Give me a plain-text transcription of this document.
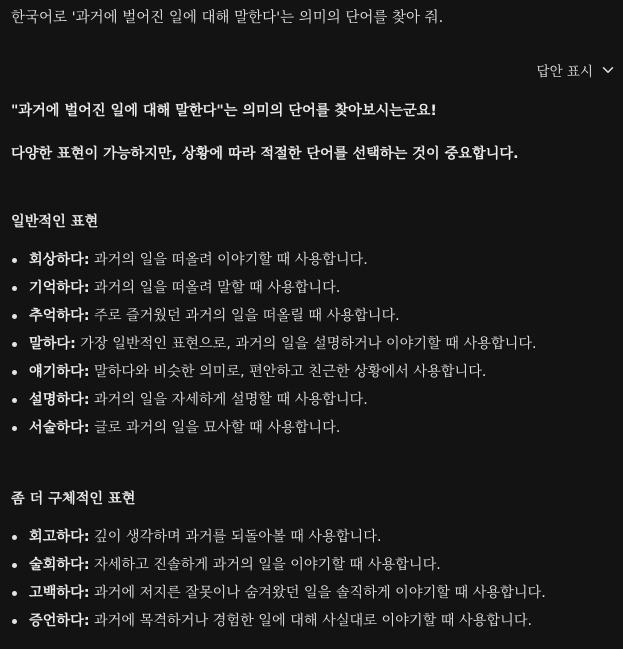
한국어로 '과거에 벌어진 일에 대해 말한다'는 의미의 단어를 찾아 줘.
답안 표시
"과거에 벌어진 일에 대해 말한다"는 의미의 단어를 찾아보시는군요!
다양한 표현이 가능하지만, 상황에 따라 적절한 단어를 선택하는 것이 중요합니다.
일반적인 표현
회상하다: 과거의 일을 떠올려 이야기할 때 사용합니다.
기억하다: 과거의 일을 떠올려 말할 때 사용합니다.
추억하다: 주로 즐거웠던 과거의 일을 떠올릴 때 사용합니다.
말하다: 가장 일반적인 표현으로, 과거의 일을 설명하거나 이야기할 때 사용합니다.
얘기하다: 말하다와 비슷한 의미로, 편안하고 친근한 상황에서 사용합니다.
설명하다: 과거의 일을 자세하게 설명할 때 사용합니다.
서술하다: 글로 과거의 일을 묘사할 때 사용합니다.
좀 더 구체적인 표현
회고하다: 깊이 생각하며 과거를 되돌아볼 때 사용합니다.
술회하다: 자세하고 진솔하게 과거의 일을 이야기할 때 사용합니다.
고백하다: 과거에 저지른 잘못이나 숨겨왔던 일을 솔직하게 이야기할 때 사용합니다.
증언하다: 과거에 목격하거나 경험한 일에 대해 사실대로 이야기할 때 사용합니다.
